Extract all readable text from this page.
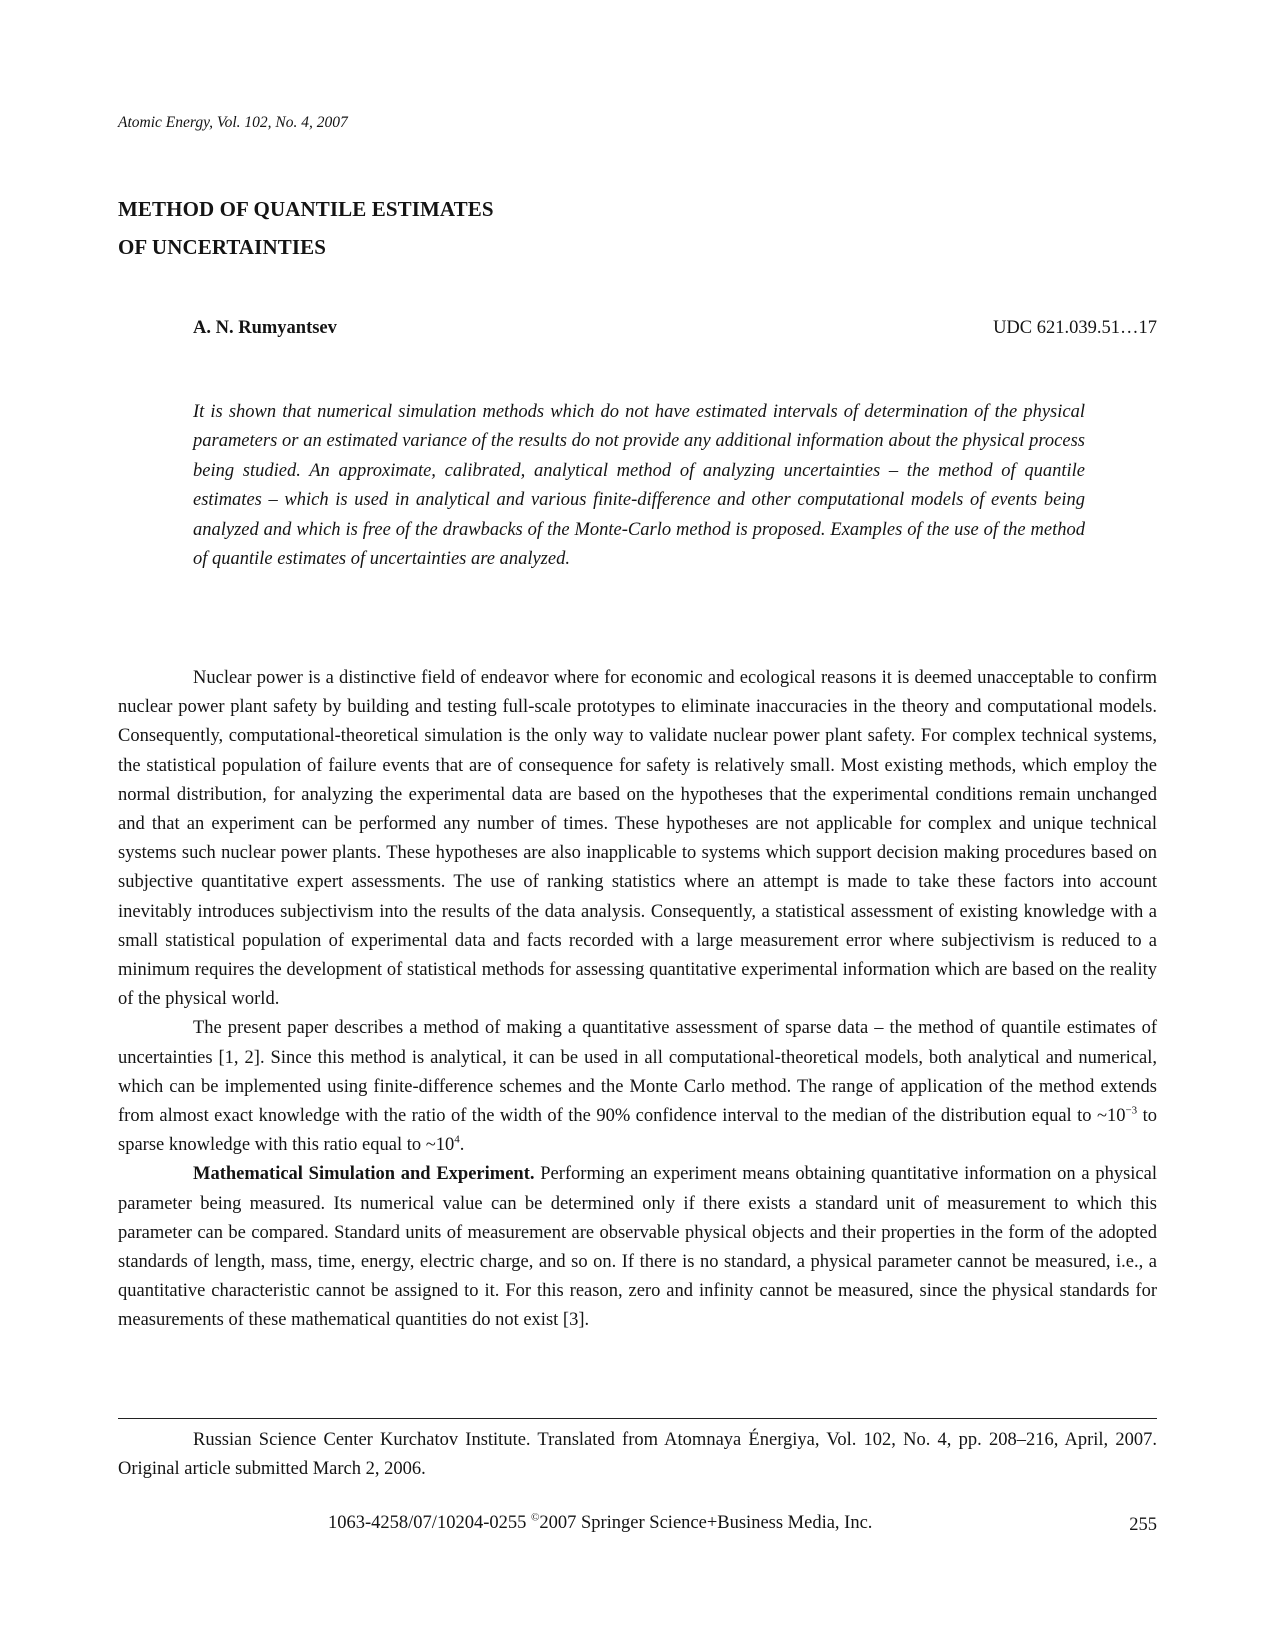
Atomic Energy, Vol. 102, No. 4, 2007
METHOD OF QUANTILE ESTIMATES
OF UNCERTAINTIES
A. N. Rumyantsev	UDC 621.039.51…17
It is shown that numerical simulation methods which do not have estimated intervals of determination of the physical parameters or an estimated variance of the results do not provide any additional information about the physical process being studied. An approximate, calibrated, analytical method of analyzing uncertainties – the method of quantile estimates – which is used in analytical and various finite-difference and other computational models of events being analyzed and which is free of the drawbacks of the Monte-Carlo method is proposed. Examples of the use of the method of quantile estimates of uncertainties are analyzed.

Nuclear power is a distinctive field of endeavor where for economic and ecological reasons it is deemed unacceptable to confirm nuclear power plant safety by building and testing full-scale prototypes to eliminate inaccuracies in the theory and computational models. Consequently, computational-theoretical simulation is the only way to validate nuclear power plant safety. For complex technical systems, the statistical population of failure events that are of consequence for safety is relatively small. Most existing methods, which employ the normal distribution, for analyzing the experimental data are based on the hypotheses that the experimental conditions remain unchanged and that an experiment can be performed any number of times. These hypotheses are not applicable for complex and unique technical systems such nuclear power plants. These hypotheses are also inapplicable to systems which support decision making procedures based on subjective quantitative expert assessments. The use of ranking statistics where an attempt is made to take these factors into account inevitably introduces subjectivism into the results of the data analysis. Consequently, a statistical assessment of existing knowledge with a small statistical population of experimental data and facts recorded with a large measurement error where subjectivism is reduced to a minimum requires the development of statistical methods for assessing quantitative experimental information which are based on the reality of the physical world.

The present paper describes a method of making a quantitative assessment of sparse data – the method of quantile estimates of uncertainties [1, 2]. Since this method is analytical, it can be used in all computational-theoretical models, both analytical and numerical, which can be implemented using finite-difference schemes and the Monte Carlo method. The range of application of the method extends from almost exact knowledge with the ratio of the width of the 90% confidence interval to the median of the distribution equal to $\sim 10^{-3}$ to sparse knowledge with this ratio equal to $\sim 10^4$.

Mathematical Simulation and Experiment. Performing an experiment means obtaining quantitative information on a physical parameter being measured. Its numerical value can be determined only if there exists a standard unit of measurement to which this parameter can be compared. Standard units of measurement are observable physical objects and their properties in the form of the adopted standards of length, mass, time, energy, electric charge, and so on. If there is no standard, a physical parameter cannot be measured, i.e., a quantitative characteristic cannot be assigned to it. For this reason, zero and infinity cannot be measured, since the physical standards for measurements of these mathematical quantities do not exist [3].

Russian Science Center Kurchatov Institute. Translated from Atomnaya Énergiya, Vol. 102, No. 4, pp. 208–216, April, 2007. Original article submitted March 2, 2006.
1063-4258/07/10204-0255 ©2007 Springer Science+Business Media, Inc.	255
